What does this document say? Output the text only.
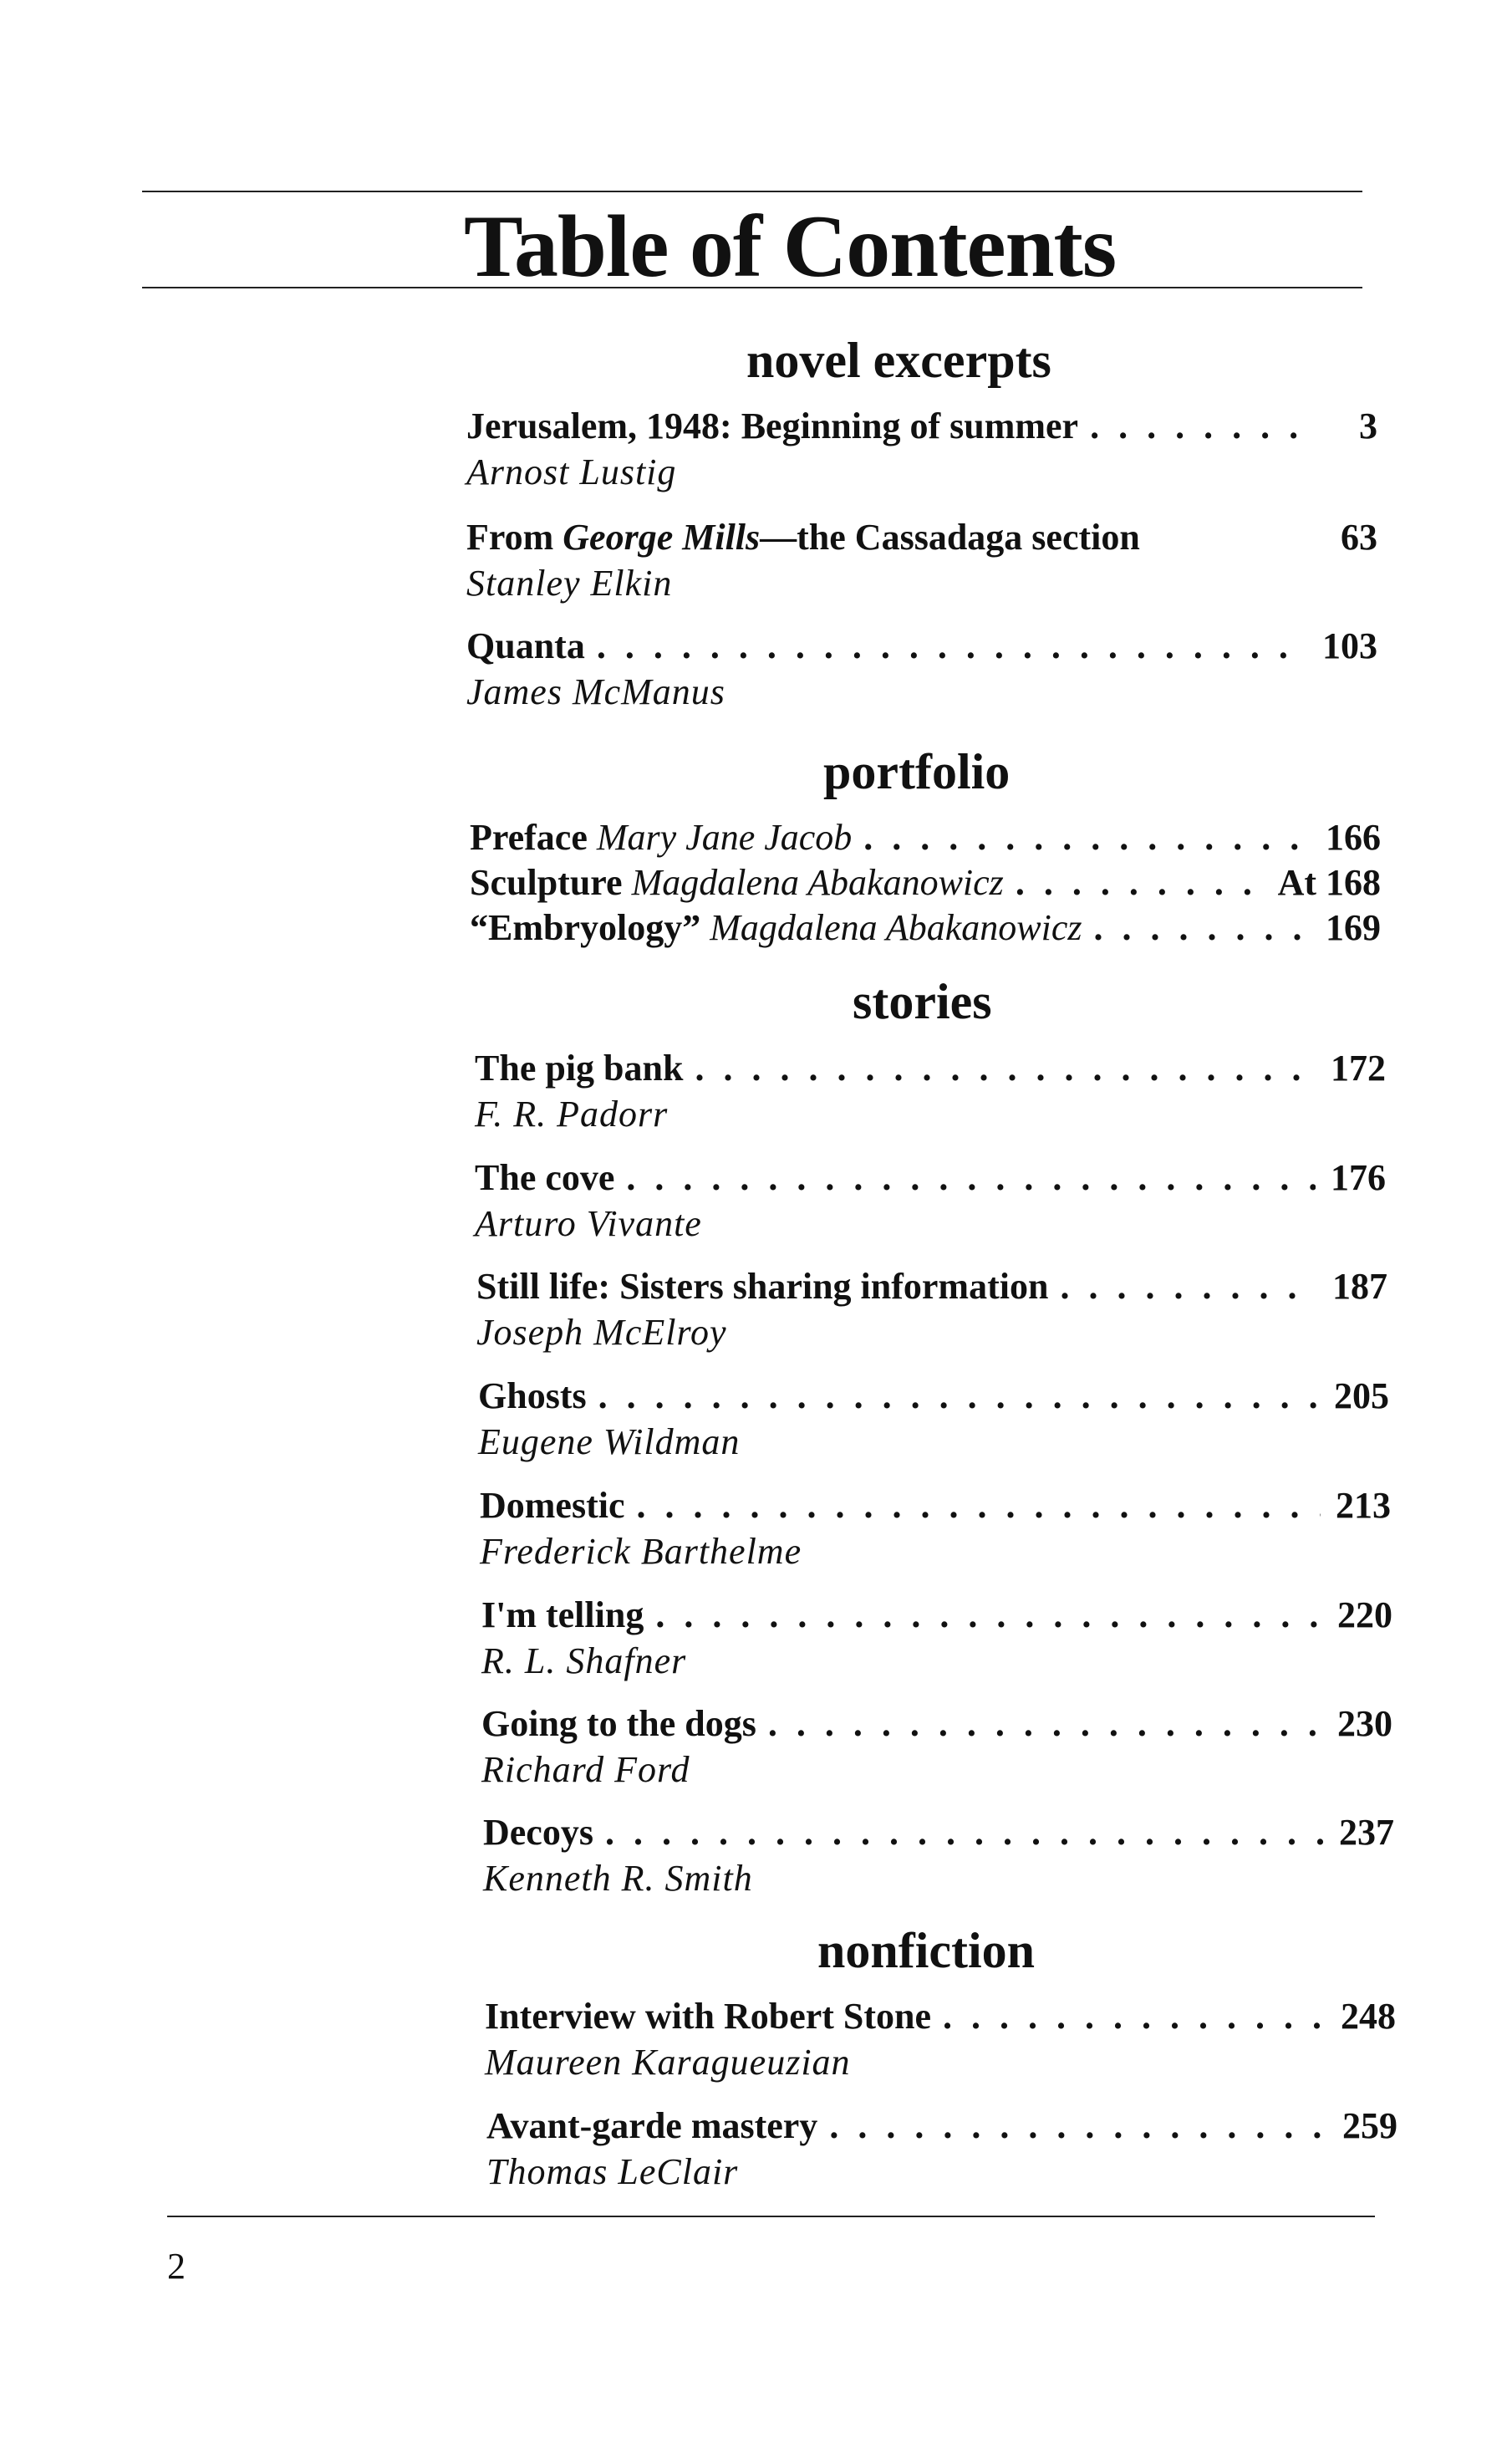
Table of Contents
novel excerpts
Jerusalem, 1948: Beginning of summer . . .	3
Arnost Lustig
From George Mills—the Cassadaga section	63
Stanley Elkin
Quanta . . .	103
James McManus
portfolio
Preface Mary Jane Jacob . . .	166
Sculpture Magdalena Abakanowicz . . .	At 168
“Embryology” Magdalena Abakanowicz . . .	169
stories
The pig bank . . .	172
F. R. Padorr
The cove . . .	176
Arturo Vivante
Still life: Sisters sharing information . . .	187
Joseph McElroy
Ghosts . . .	205
Eugene Wildman
Domestic . . .	213
Frederick Barthelme
I'm telling . . .	220
R. L. Shafner
Going to the dogs . . .	230
Richard Ford
Decoys . . .	237
Kenneth R. Smith
nonfiction
Interview with Robert Stone . . .	248
Maureen Karagueuzian
Avant-garde mastery . . .	259
Thomas LeClair
2
